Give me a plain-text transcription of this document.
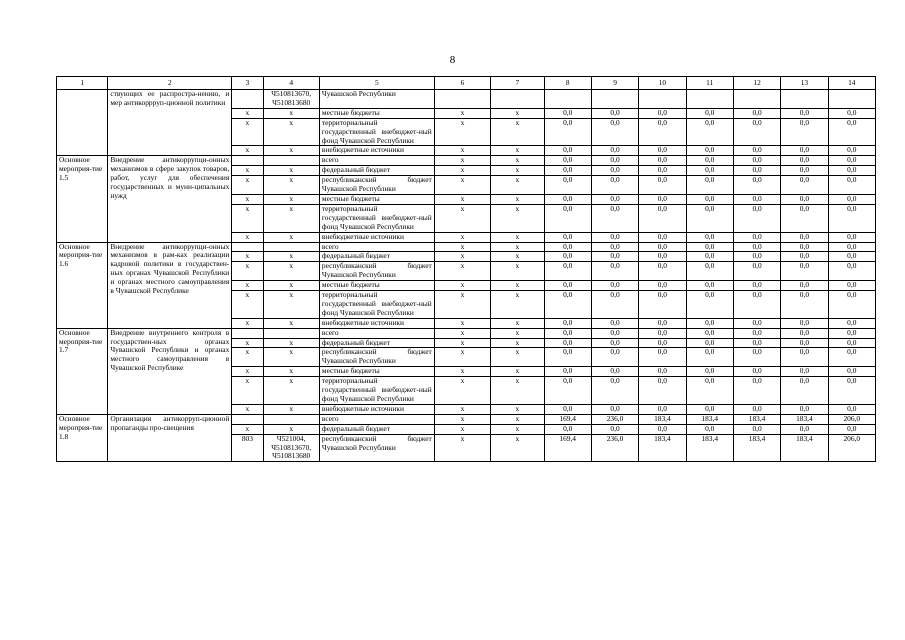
8
1	2	3	4	5	6	7	8	9	10	11	12	13	14
	ствующих ее распростра-нению, и мер антикоррруп-ционной политики		Ч510813670, Ч510813680	Чувашской Республики									
		x	x	местные бюджеты	x	x	0,0	0,0	0,0	0,0	0,0	0,0	0,0
		x	x	территориальный государственный внебюджет-ный фонд Чувашской Республики	x	x	0,0	0,0	0,0	0,0	0,0	0,0	0,0
		x	x	внебюджетные источники	x	x	0,0	0,0	0,0	0,0	0,0	0,0	0,0
Основное мероприя-тие 1.5	Внедрение антикоррупци-онных механизмов в сфере закупок товаров, работ, услуг для обеспечения государственных и муни-ципальных нужд			всего	x	x	0,0	0,0	0,0	0,0	0,0	0,0	0,0
		x	x	федеральный бюджет	x	x	0,0	0,0	0,0	0,0	0,0	0,0	0,0
		x	x	республиканский бюджет Чувашской Республики	x	x	0,0	0,0	0,0	0,0	0,0	0,0	0,0
		x	x	местные бюджеты	x	x	0,0	0,0	0,0	0,0	0,0	0,0	0,0
		x	x	территориальный государственный внебюджет-ный фонд Чувашской Республики	x	x	0,0	0,0	0,0	0,0	0,0	0,0	0,0
		x	x	внебюджетные источники	x	x	0,0	0,0	0,0	0,0	0,0	0,0	0,0
Основное мероприя-тие 1.6	Внедрение антикоррупци-онных механизмов в рам-ках реализации кадровой политики в государствен-ных органах Чувашской Республики и органах местного самоуправления в Чувашской Республике			всего	x	x	0,0	0,0	0,0	0,0	0,0	0,0	0,0
		x	x	федеральный бюджет	x	x	0,0	0,0	0,0	0,0	0,0	0,0	0,0
		x	x	республиканский бюджет Чувашской Республики	x	x	0,0	0,0	0,0	0,0	0,0	0,0	0,0
		x	x	местные бюджеты	x	x	0,0	0,0	0,0	0,0	0,0	0,0	0,0
		x	x	территориальный государственный внебюджет-ный фонд Чувашской Республики	x	x	0,0	0,0	0,0	0,0	0,0	0,0	0,0
		x	x	внебюджетные источники	x	x	0,0	0,0	0,0	0,0	0,0	0,0	0,0
Основное мероприя-тие 1.7	Внедрение внутреннего контроля в государствен-ных органах Чувашской Республики и органах местного самоуправления в Чувашской Республике			всего	x	x	0,0	0,0	0,0	0,0	0,0	0,0	0,0
		x	x	федеральный бюджет	x	x	0,0	0,0	0,0	0,0	0,0	0,0	0,0
		x	x	республиканский бюджет Чувашской Республики	x	x	0,0	0,0	0,0	0,0	0,0	0,0	0,0
		x	x	местные бюджеты	x	x	0,0	0,0	0,0	0,0	0,0	0,0	0,0
		x	x	территориальный государственный внебюджет-ный фонд Чувашской Республики	x	x	0,0	0,0	0,0	0,0	0,0	0,0	0,0
		x	x	внебюджетные источники	x	x	0,0	0,0	0,0	0,0	0,0	0,0	0,0
Основное мероприя-тие 1.8	Организация антикорруп-ционной пропаганды про-свещения			всего	x	x	169,4	236,0	183,4	183,4	183,4	183,4	206,0
		x	x	федеральный бюджет	x	x	0,0	0,0	0,0	0,0	0,0	0,0	0,0
		803	Ч521004, Ч510813670, Ч510813680	республиканский бюджет Чувашской Республики	x	x	169,4	236,0	183,4	183,4	183,4	183,4	206,0
